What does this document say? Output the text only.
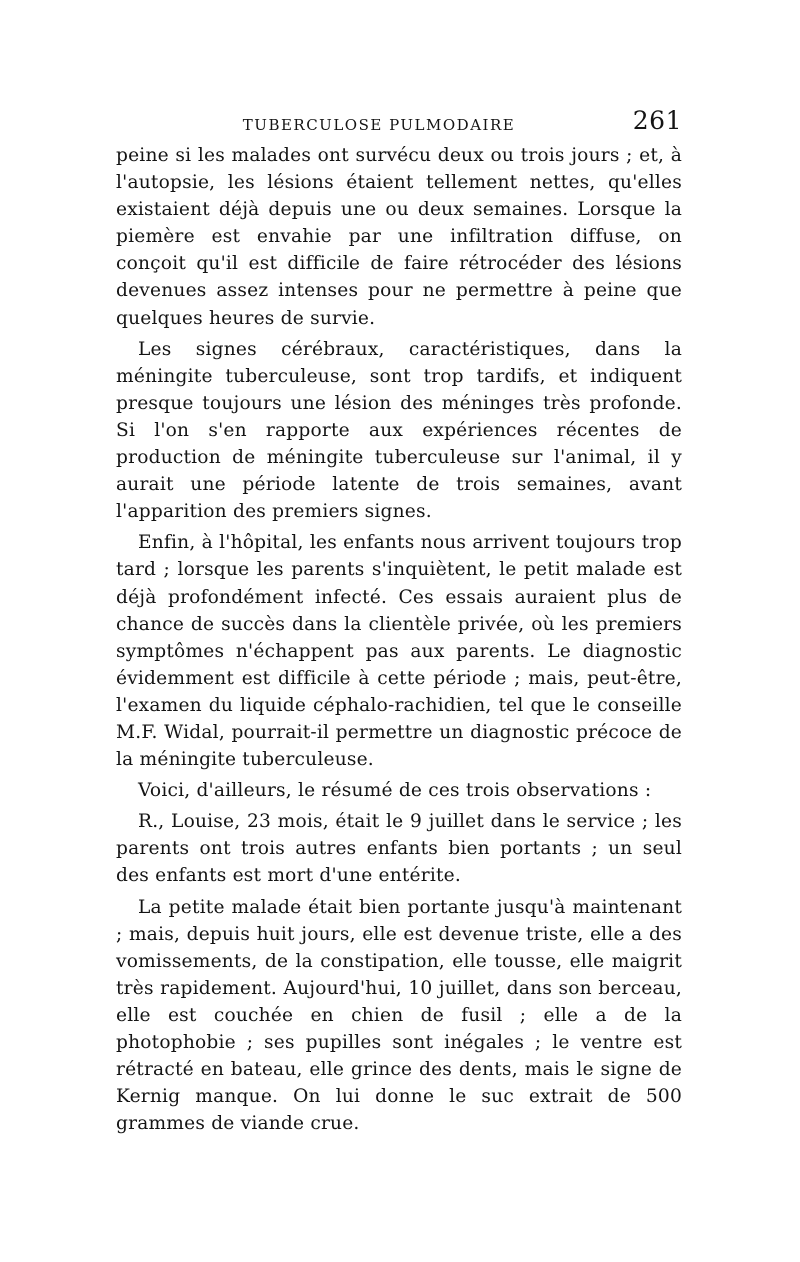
TUBERCULOSE PULMODAIRE	261

peine si les malades ont survécu deux ou trois jours ; et, à l'autopsie, les lésions étaient tellement nettes, qu'elles existaient déjà depuis une ou deux semaines. Lorsque la piemère est envahie par une infiltration diffuse, on conçoit qu'il est difficile de faire rétrocéder des lésions devenues assez intenses pour ne permettre à peine que quelques heures de survie.

Les signes cérébraux, caractéristiques, dans la méningite tuberculeuse, sont trop tardifs, et indiquent presque toujours une lésion des méninges très profonde. Si l'on s'en rapporte aux expériences récentes de production de méningite tuberculeuse sur l'animal, il y aurait une période latente de trois semaines, avant l'apparition des premiers signes.

Enfin, à l'hôpital, les enfants nous arrivent toujours trop tard ; lorsque les parents s'inquiètent, le petit malade est déjà profondément infecté. Ces essais auraient plus de chance de succès dans la clientèle privée, où les premiers symptômes n'échappent pas aux parents. Le diagnostic évidemment est difficile à cette période ; mais, peut-être, l'examen du liquide céphalo-rachidien, tel que le conseille M.F. Widal, pourrait-il permettre un diagnostic précoce de la méningite tuberculeuse.

Voici, d'ailleurs, le résumé de ces trois observations :

R., Louise, 23 mois, était le 9 juillet dans le service ; les parents ont trois autres enfants bien portants ; un seul des enfants est mort d'une entérite.

La petite malade était bien portante jusqu'à maintenant ; mais, depuis huit jours, elle est devenue triste, elle a des vomissements, de la constipation, elle tousse, elle maigrit très rapidement. Aujourd'hui, 10 juillet, dans son berceau, elle est couchée en chien de fusil ; elle a de la photophobie ; ses pupilles sont inégales ; le ventre est rétracté en bateau, elle grince des dents, mais le signe de Kernig manque. On lui donne le suc extrait de 500 grammes de viande crue.
